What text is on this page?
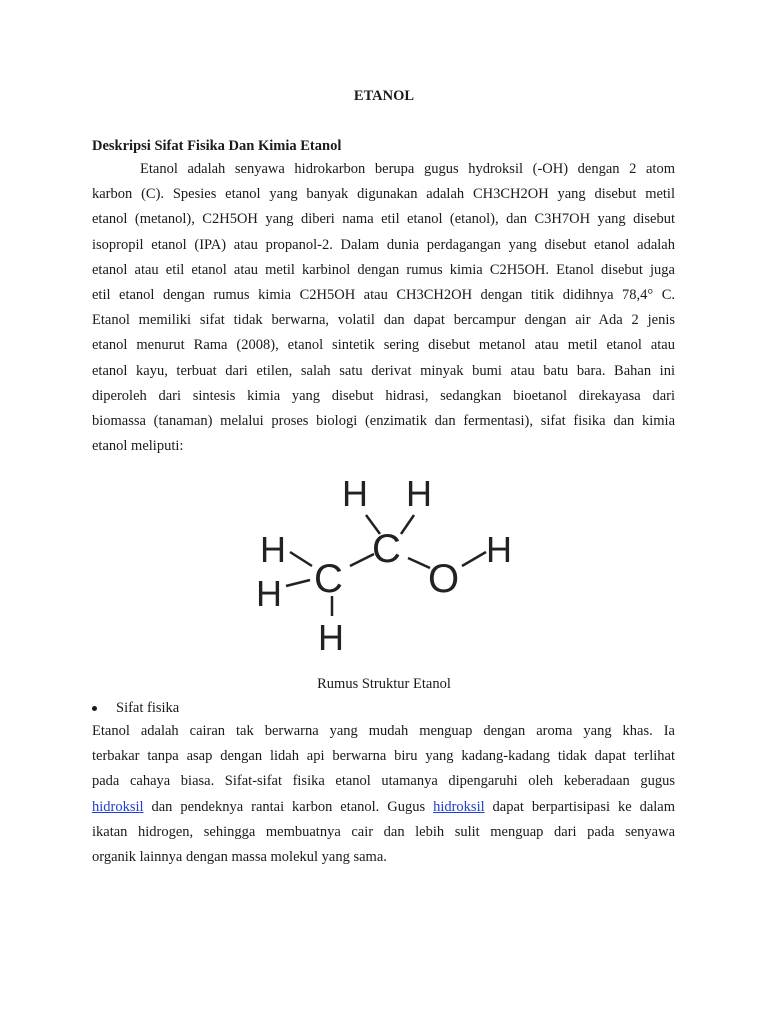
ETANOL
Deskripsi Sifat Fisika Dan Kimia Etanol
Etanol adalah senyawa hidrokarbon berupa gugus hydroksil (-OH) dengan 2 atom
karbon (C). Spesies etanol yang banyak digunakan adalah CH3CH2OH yang disebut metil
etanol (metanol), C2H5OH yang diberi nama etil etanol (etanol), dan C3H7OH yang disebut
isopropil etanol (IPA) atau propanol-2. Dalam dunia perdagangan yang disebut etanol adalah
etanol atau etil etanol atau metil karbinol dengan rumus kimia C2H5OH. Etanol disebut juga
etil etanol dengan rumus kimia C2H5OH atau CH3CH2OH dengan titik didihnya 78,4° C.
Etanol memiliki sifat tidak berwarna, volatil dan dapat bercampur dengan air Ada 2 jenis
etanol menurut Rama (2008), etanol sintetik sering disebut metanol atau metil etanol atau
etanol kayu, terbuat dari etilen, salah satu derivat minyak bumi atau batu bara. Bahan ini
diperoleh dari sintesis kimia yang disebut hidrasi, sedangkan bioetanol direkayasa dari
biomassa (tanaman) melalui proses biologi (enzimatik dan fermentasi), sifat fisika dan kimia
etanol meliputi:
H H
H C H
H C O
H
Rumus Struktur Etanol
Sifat fisika
Etanol adalah cairan tak berwarna yang mudah menguap dengan aroma yang khas. Ia
terbakar tanpa asap dengan lidah api berwarna biru yang kadang-kadang tidak dapat terlihat
pada cahaya biasa. Sifat-sifat fisika etanol utamanya dipengaruhi oleh keberadaan gugus
hidroksil dan pendeknya rantai karbon etanol. Gugus hidroksil dapat berpartisipasi ke dalam
ikatan hidrogen, sehingga membuatnya cair dan lebih sulit menguap dari pada senyawa
organik lainnya dengan massa molekul yang sama.
